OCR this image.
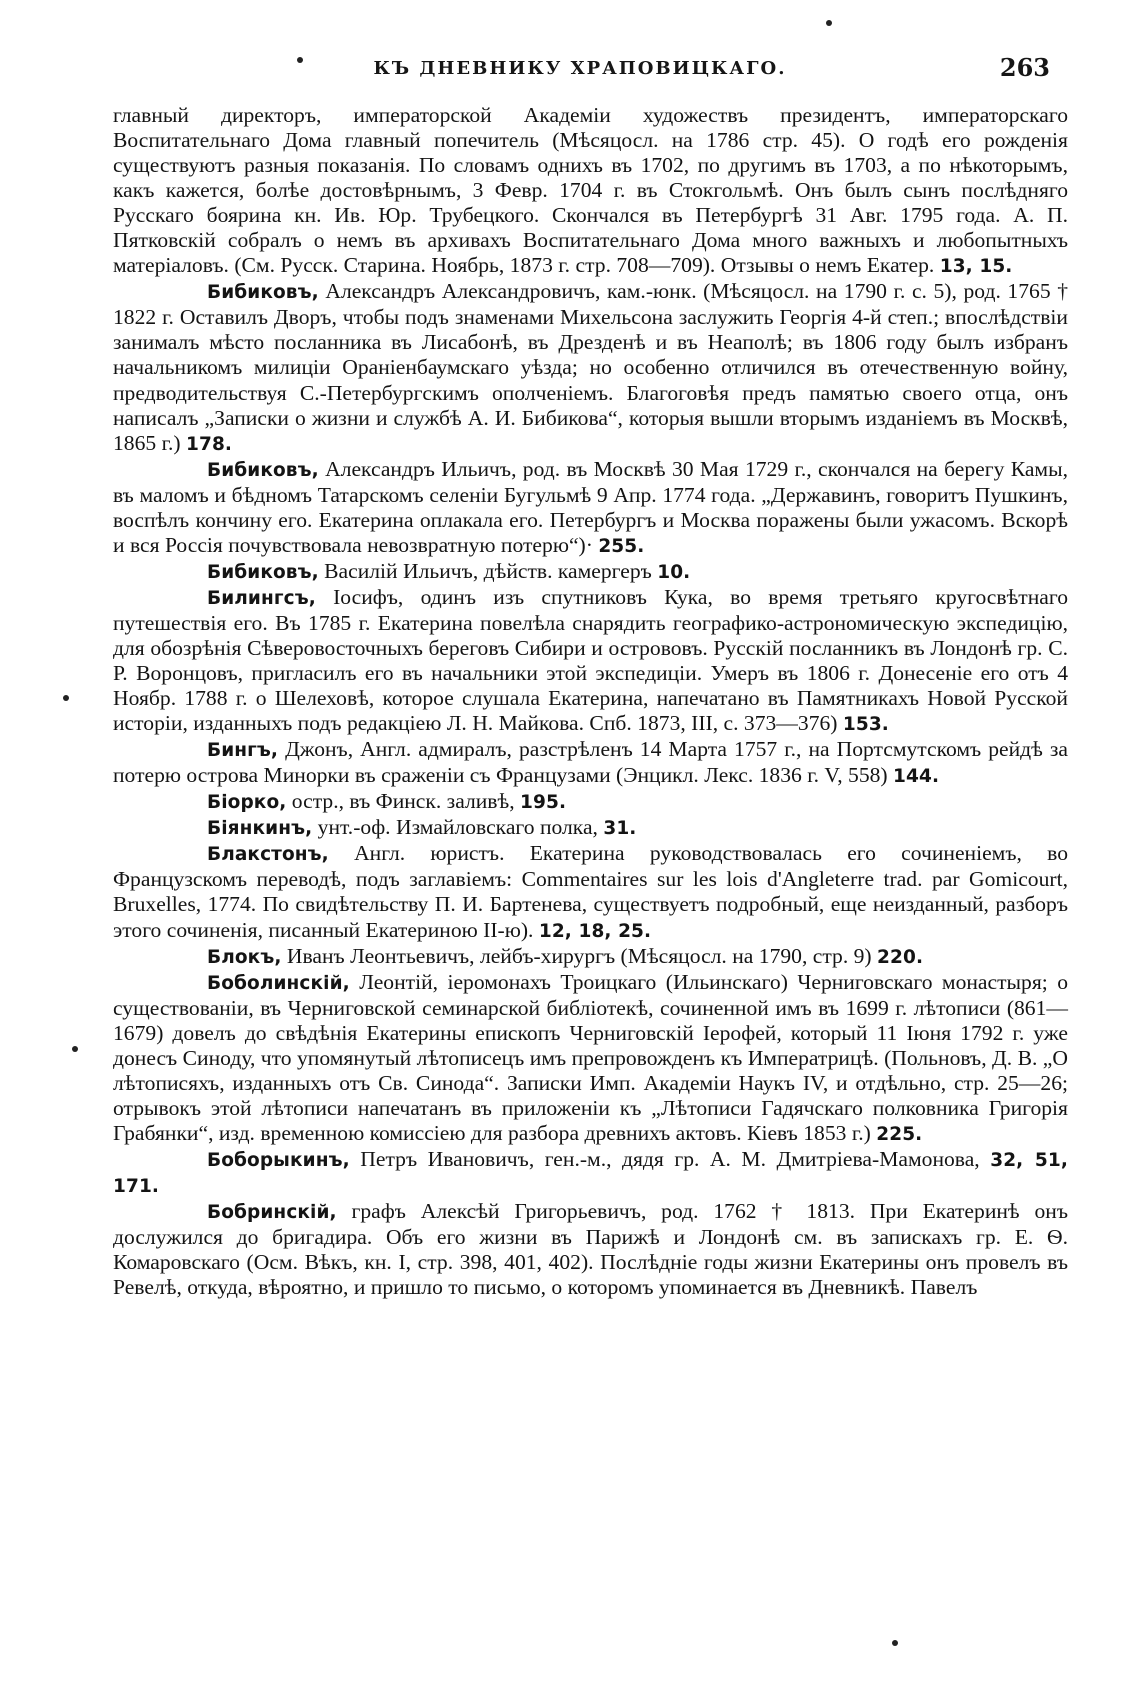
КЪ ДНЕВНИКУ ХРАПОВИЦКАГО.	263

главный директоръ, императорской Академіи художествъ президентъ, императорскаго Воспитательнаго Дома главный попечитель (Мѣсяцосл. на 1786 стр. 45). О годѣ его рожденія существуютъ разныя показанія. По словамъ однихъ въ 1702, по другимъ въ 1703, а по нѣкоторымъ, какъ кажется, болѣе достовѣрнымъ, 3 Февр. 1704 г. въ Стокгольмѣ. Онъ былъ сынъ послѣдняго Русскаго боярина кн. Ив. Юр. Трубецкого. Скончался въ Петербургѣ 31 Авг. 1795 года. А. П. Пятковскій собралъ о немъ въ архивахъ Воспитательнаго Дома много важныхъ и любопытныхъ матеріаловъ. (См. Русск. Старина. Ноябрь, 1873 г. стр. 708—709). Отзывы о немъ Екатер. 13, 15.

Бибиковъ, Александръ Александровичъ, кам.-юнк. (Мѣсяцосл. на 1790 г. с. 5), род. 1765 † 1822 г. Оставилъ Дворъ, чтобы подъ знаменами Михельсона заслужить Георгія 4-й степ.; впослѣдствіи занималъ мѣсто посланника въ Лисабонѣ, въ Дрезденѣ и въ Неаполѣ; въ 1806 году былъ избранъ начальникомъ милиціи Ораніенбаумскаго уѣзда; но особенно отличился въ отечественную войну, предводительствуя С.-Петербургскимъ ополченіемъ. Благоговѣя предъ памятью своего отца, онъ написалъ „Записки о жизни и службѣ А. И. Бибикова“, которыя вышли вторымъ изданіемъ въ Москвѣ, 1865 г.) 178.

Бибиковъ, Александръ Ильичъ, род. въ Москвѣ 30 Мая 1729 г., скончался на берегу Камы, въ маломъ и бѣдномъ Татарскомъ селеніи Бугульмѣ 9 Апр. 1774 года. „Державинъ, говоритъ Пушкинъ, воспѣлъ кончину его. Екатерина оплакала его. Петербургъ и Москва поражены были ужасомъ. Вскорѣ и вся Россія почувствовала невозвратную потерю“)· 255.

Бибиковъ, Василій Ильичъ, дѣйств. камергеръ 10.

Билингсъ, Іосифъ, одинъ изъ спутниковъ Кука, во время третьяго кругосвѣтнаго путешествія его. Въ 1785 г. Екатерина повелѣла снарядить географико-астрономическую экспедицію, для обозрѣнія Сѣверовосточныхъ береговъ Сибири и острововъ. Русскій посланникъ въ Лондонѣ гр. С. Р. Воронцовъ, пригласилъ его въ начальники этой экспедиціи. Умеръ въ 1806 г. Донесеніе его отъ 4 Ноябр. 1788 г. о Шелеховѣ, которое слушала Екатерина, напечатано въ Памятникахъ Новой Русской исторіи, изданныхъ подъ редакціею Л. Н. Майкова. Спб. 1873, III, с. 373—376) 153.

Бингъ, Джонъ, Англ. адмиралъ, разстрѣленъ 14 Марта 1757 г., на Портсмутскомъ рейдѣ за потерю острова Минорки въ сраженіи съ Французами (Энцикл. Лекс. 1836 г. V, 558) 144.

Біорко, остр., въ Финск. заливѣ, 195.

Біянкинъ, унт.-оф. Измайловскаго полка, 31.

Блакстонъ, Англ. юристъ. Екатерина руководствовалась его сочиненіемъ, во Французскомъ переводѣ, подъ заглавіемъ: Commentaires sur les lois d'Angleterre trad. par Gomicourt, Bruxelles, 1774. По свидѣтельству П. И. Бартенева, существуетъ подробный, еще неизданный, разборъ этого сочиненія, писанный Екатериною II-ю). 12, 18, 25.

Блокъ, Иванъ Леонтьевичъ, лейбъ-хирургъ (Мѣсяцосл. на 1790, стр. 9) 220.

Боболинскій, Леонтій, іеромонахъ Троицкаго (Ильинскаго) Черниговскаго монастыря; о существованіи, въ Черниговской семинарской библіотекѣ, сочиненной имъ въ 1699 г. лѣтописи (861—1679) довелъ до свѣдѣнія Екатерины епископъ Черниговскій Іерофей, который 11 Іюня 1792 г. уже донесъ Синоду, что упомянутый лѣтописецъ имъ препровожденъ къ Императрицѣ. (Польновъ, Д. В. „О лѣтописяхъ, изданныхъ отъ Св. Синода“. Записки Имп. Академіи Наукъ IV, и отдѣльно, стр. 25—26; отрывокъ этой лѣтописи напечатанъ въ приложеніи къ „Лѣтописи Гадячскаго полковника Григорія Грабянки“, изд. временною комиссіею для разбора древнихъ актовъ. Кіевъ 1853 г.) 225.

Боборыкинъ, Петръ Ивановичъ, ген.-м., дядя гр. А. М. Дмитріева-Мамонова, 32, 51, 171.

Бобринскій, графъ Алексѣй Григорьевичъ, род. 1762 † 1813. При Екатеринѣ онъ дослужился до бригадира. Объ его жизни въ Парижѣ и Лондонѣ см. въ запискахъ гр. Е. Ѳ. Комаровскаго (Осм. Вѣкъ, кн. I, стр. 398, 401, 402). Послѣдніе годы жизни Екатерины онъ провелъ въ Ревелѣ, откуда, вѣроятно, и пришло то письмо, о которомъ упоминается въ Дневникѣ. Павелъ
